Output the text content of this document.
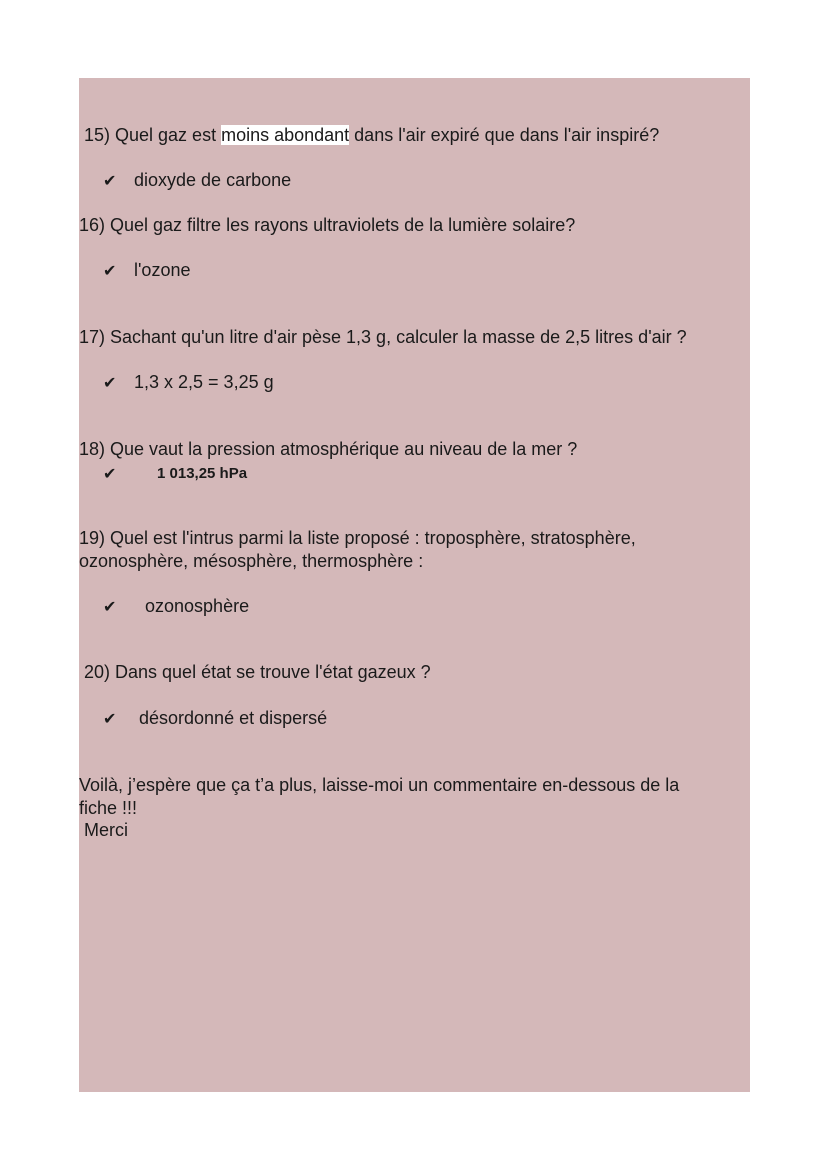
15) Quel gaz est moins abondant dans l'air expiré que dans l'air inspiré?
✔ dioxyde de carbone
16) Quel gaz filtre les rayons ultraviolets de la lumière solaire?
✔ l'ozone
17) Sachant qu'un litre d'air pèse 1,3 g, calculer la masse de 2,5 litres d'air ?
✔ 1,3 x 2,5 = 3,25 g
18) Que vaut la pression atmosphérique au niveau de la mer ?
✔	1 013,25 hPa
19) Quel est l'intrus parmi la liste proposé : troposphère, stratosphère,
ozonosphère, mésosphère, thermosphère :
✔ ozonosphère
20) Dans quel état se trouve l'état gazeux ?
✔ désordonné et dispersé
Voilà, j’espère que ça t’a plus, laisse-moi un commentaire en-dessous de la
fiche !!!
Merci
